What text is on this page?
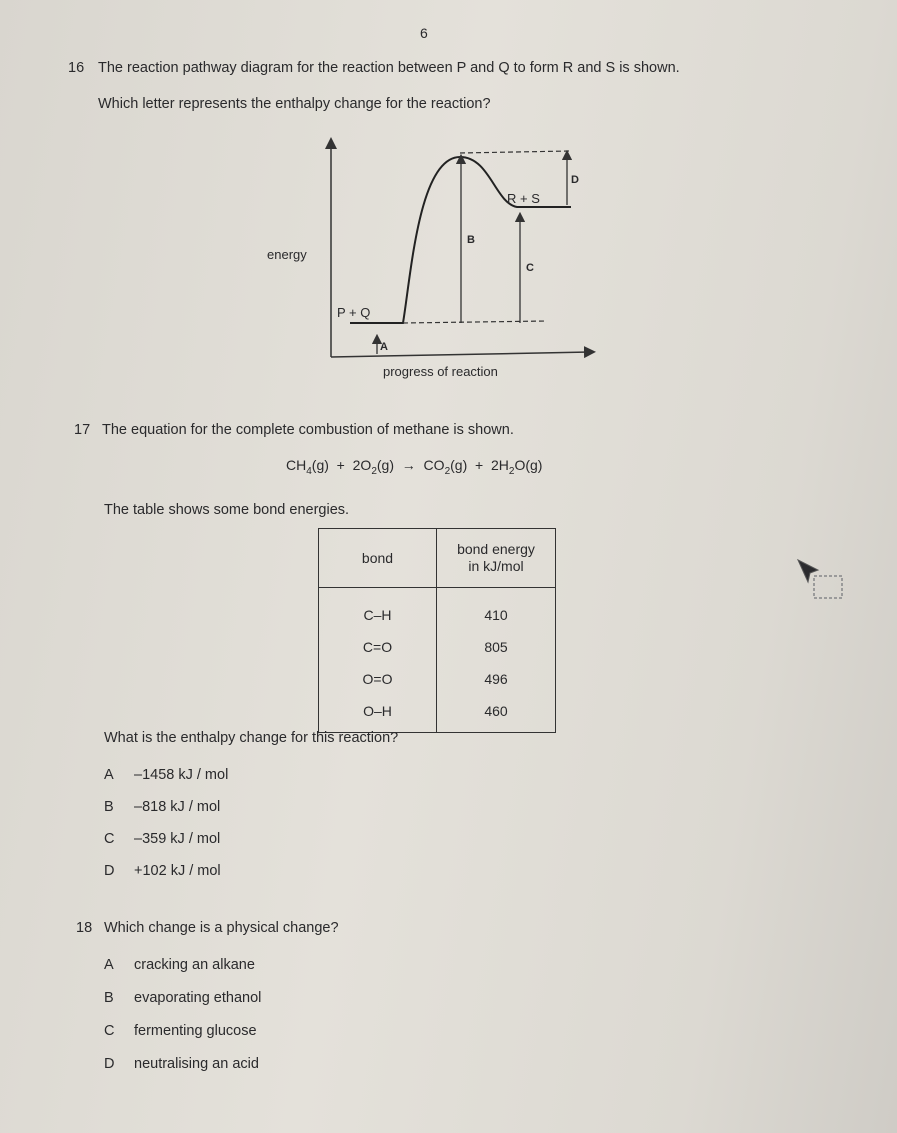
6
16 The reaction pathway diagram for the reaction between P and Q to form R and S is shown.
Which letter represents the enthalpy change for the reaction?
energy
progress of reaction
P + Q
R + S
A
B
C
D
17 The equation for the complete combustion of methane is shown.
$CH_4(g) + 2O_2(g) \to CO_2(g) + 2H_2O(g)$
The table shows some bond energies.
bond	bond energy
in kJ/mol
C–H	410
C=O	805
O=O	496
O–H	460
What is the enthalpy change for this reaction?
A –1458 kJ / mol
B –818 kJ / mol
C –359 kJ / mol
D +102 kJ / mol
18 Which change is a physical change?
A cracking an alkane
B evaporating ethanol
C fermenting glucose
D neutralising an acid
